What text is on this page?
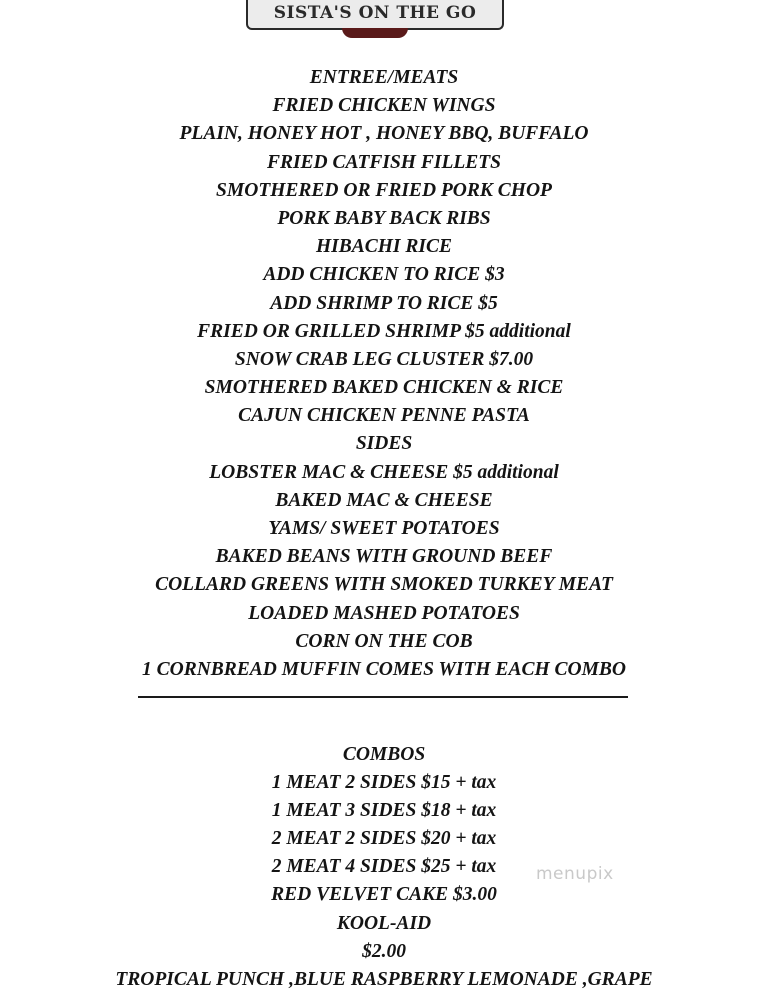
SISTA'S ON THE GO
ENTREE/MEATS
FRIED CHICKEN WINGS
PLAIN, HONEY HOT , HONEY BBQ, BUFFALO
FRIED CATFISH FILLETS
SMOTHERED OR FRIED PORK CHOP
PORK BABY BACK RIBS
HIBACHI RICE
ADD CHICKEN TO RICE $3
ADD SHRIMP TO RICE $5
FRIED OR GRILLED SHRIMP $5 additional
SNOW CRAB LEG CLUSTER $7.00
SMOTHERED BAKED CHICKEN & RICE
CAJUN CHICKEN PENNE PASTA
SIDES
LOBSTER MAC & CHEESE $5 additional
BAKED MAC & CHEESE
YAMS/ SWEET POTATOES
BAKED BEANS WITH GROUND BEEF
COLLARD GREENS WITH SMOKED TURKEY MEAT
LOADED MASHED POTATOES
CORN ON THE COB
1 CORNBREAD MUFFIN COMES WITH EACH COMBO
COMBOS
1 MEAT 2 SIDES $15 + tax
1 MEAT 3 SIDES $18 + tax
2 MEAT 2 SIDES $20 + tax
2 MEAT 4 SIDES $25 + tax
RED VELVET CAKE $3.00
KOOL-AID
$2.00
TROPICAL PUNCH ,BLUE RASPBERRY LEMONADE ,GRAPE
menupix
